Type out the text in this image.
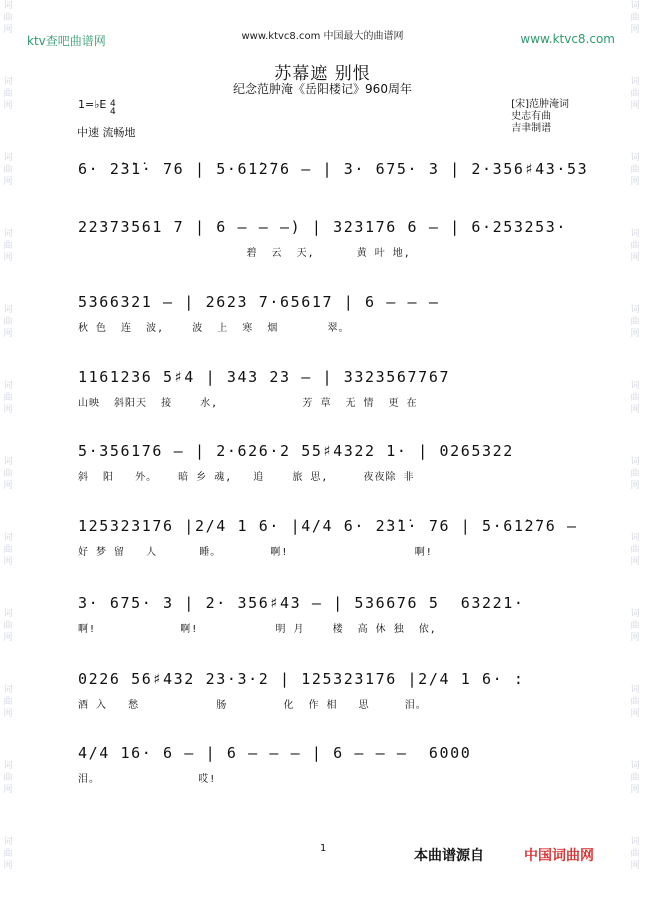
词
曲
网
词
曲
网
词
曲
网
词
曲
网
词
曲
网
词
曲
网
词
曲
网
词
曲
网
词
曲
网
词
曲
网
词
曲
网
词
曲
网
词
曲
网
词
曲
网
词
曲
网
词
曲
网
词
曲
网
词
曲
网
词
曲
网
词
曲
网
词
曲
网
词
曲
网
词
曲
网
词
曲
网
www.ktvc8.com 中国最大的曲谱网
ktv查吧曲谱网	www.ktvc8.com
苏幕遮 别恨
纪念范肿淹《岳阳楼记》960周年
1=♭E 4
4
中速 流畅地
[宋]范肿淹词
史志有曲
吉聿制谱
6· 2̇3̇1̇· 76 | 5·61̇2̇76 – | 3· 675· 3 | 2·356♯43·53
22373561 7 | 6 – – –) | 323176 6 – | 6·253253·
碧  云  天,      黄 叶 地,
5366321 – | 2623 7·65617 | 6 – – –
秋 色  连  波,    波  上  寒  烟       翠。
1161236 5♯4 | 343 23 – | 3323567767
山映  斜阳天  接    水,            芳 草  无 情  更 在
5·356176 – | 2·626·2 55♯4322 1· | 0265322
斜  阳   外。   暗 乡 魂,   追    旅 思,     夜夜除 非
125323176 |2/4 1 6· |4/4 6· 2̇3̇1̇· 76 | 5·61̇2̇76 –
好 梦 留   人      睡。       啊!                  啊!
3· 675· 3 | 2· 356♯43 – | 536676 5  63221·
啊!            啊!           明 月    楼  高 休 独  依,
0226 56♯432 23·3·2 | 125323176 |2/4 1 6· :
酒 入   愁           肠        化  作 相   思     泪。
4/4 16· 6 – | 6 – – – | 6 – – –  6000
泪。              哎!
1	本曲谱源自	中国词曲网
